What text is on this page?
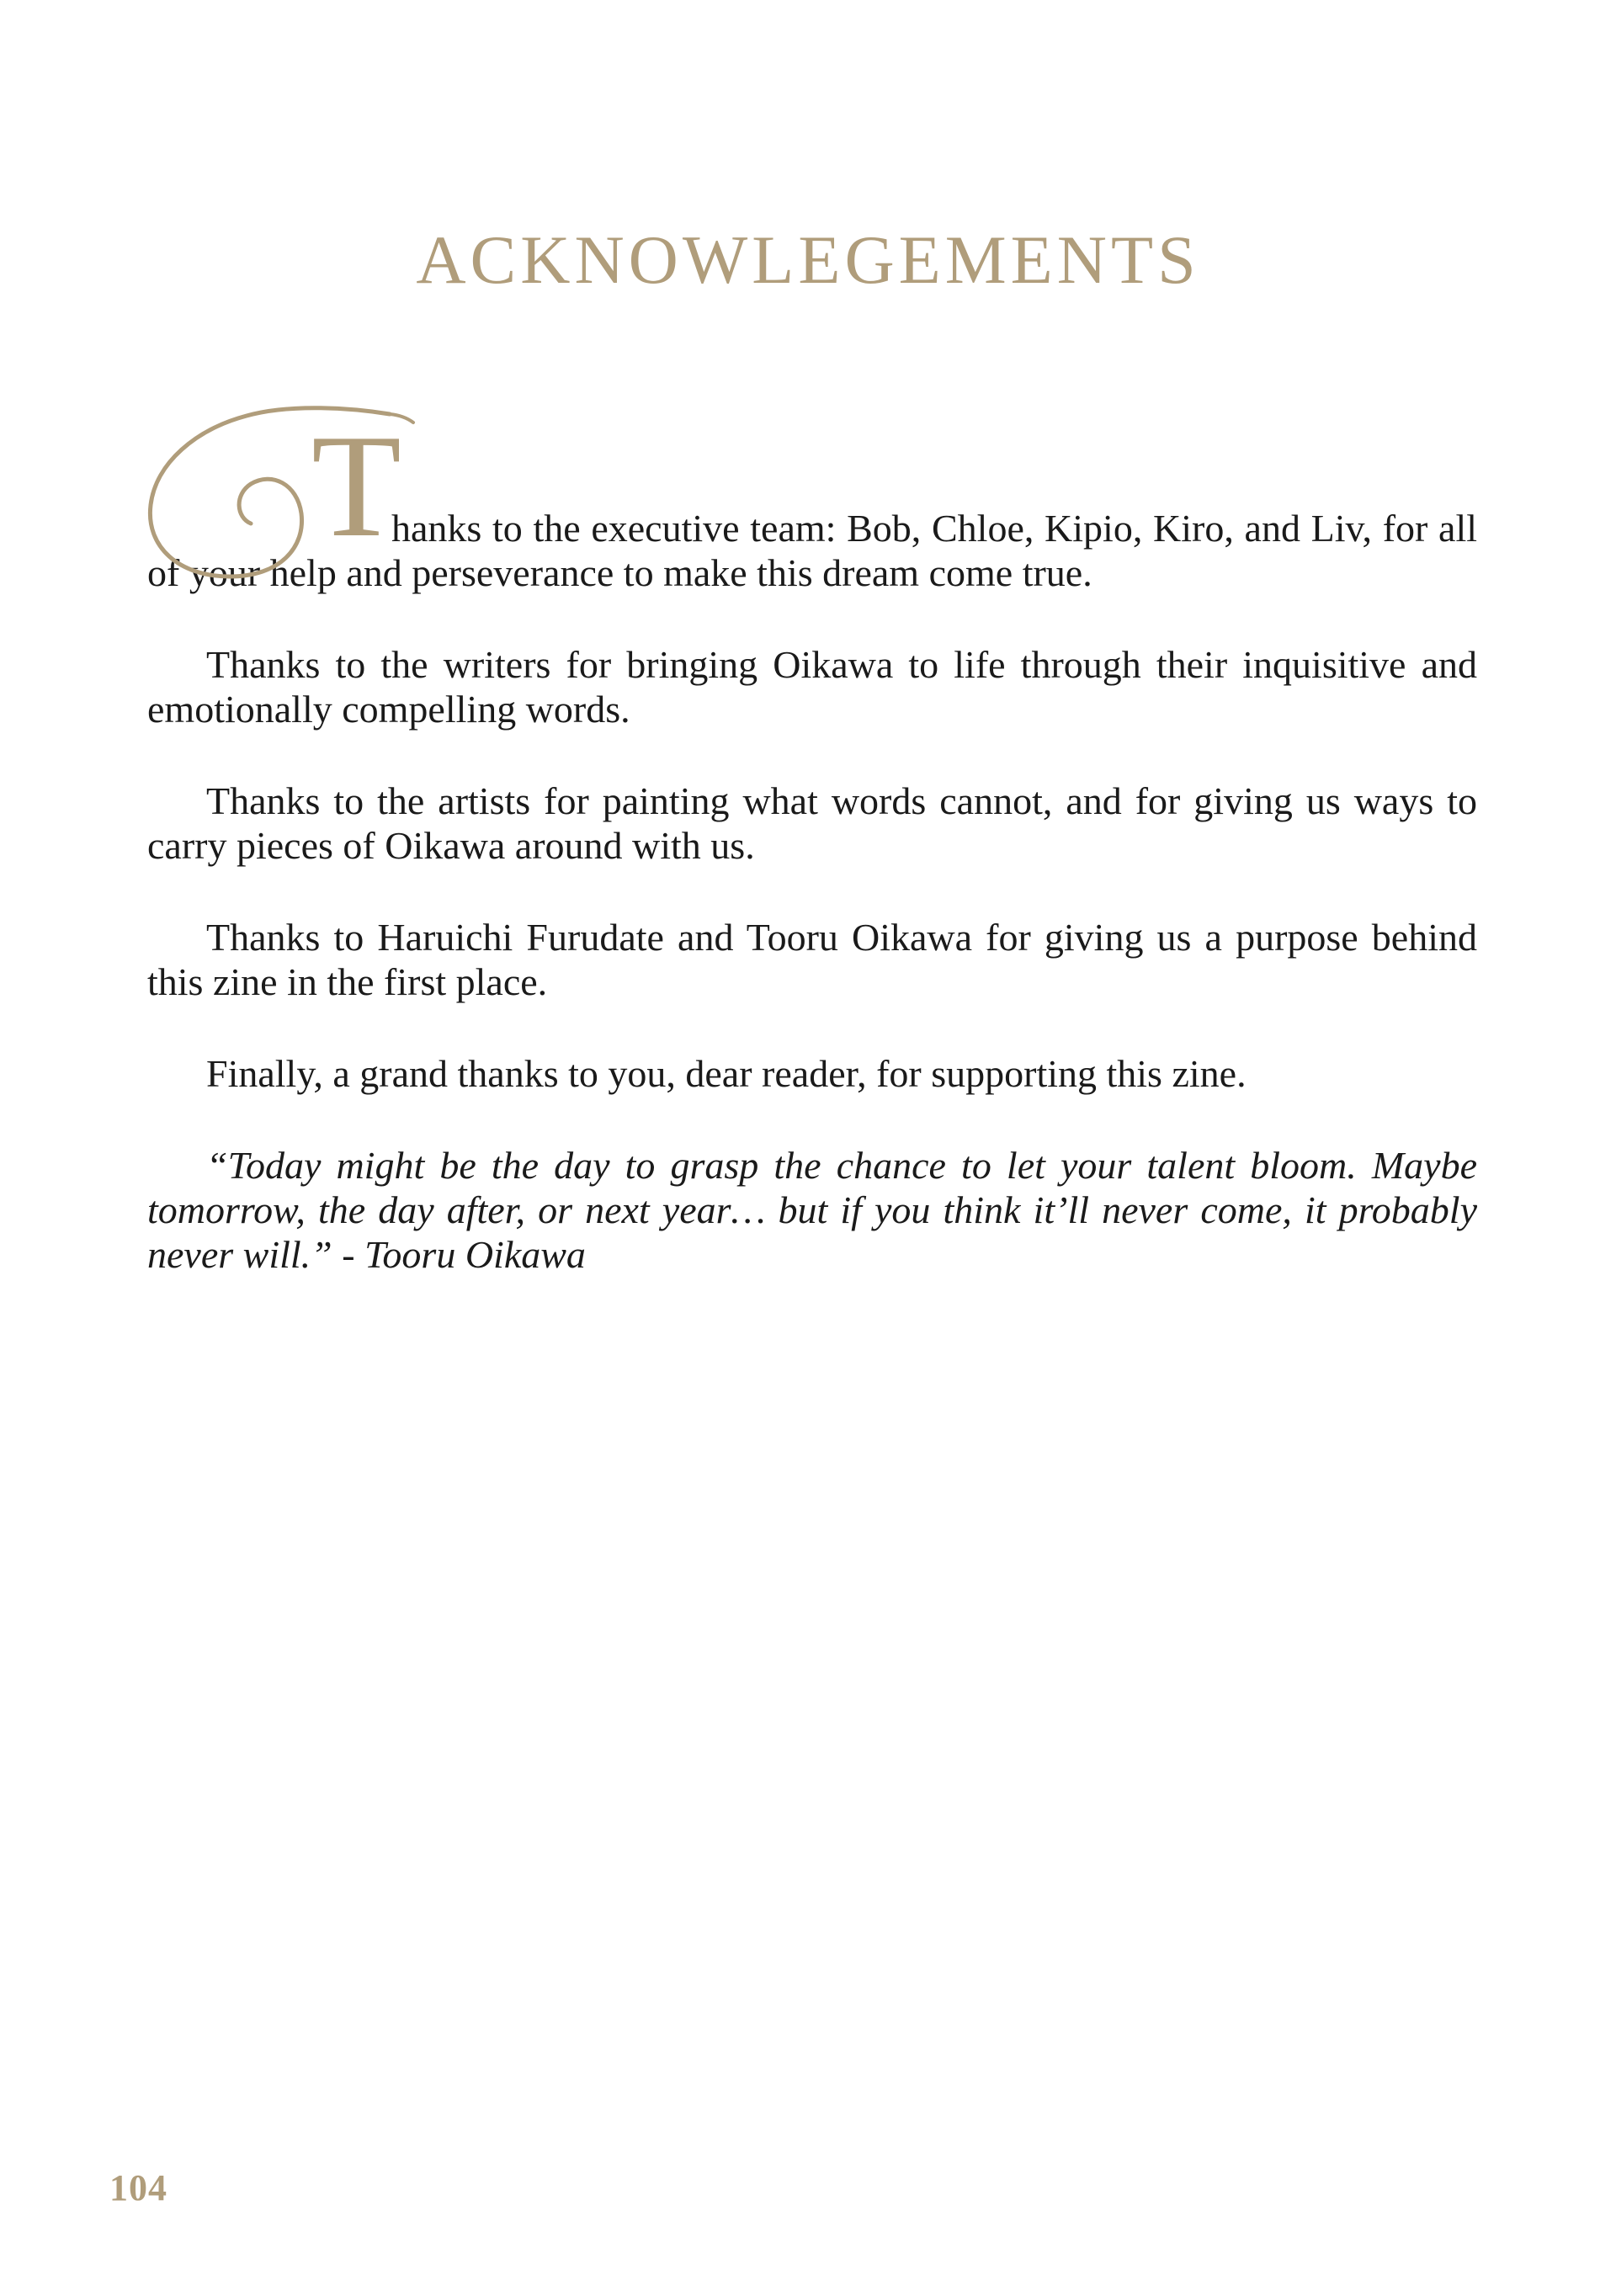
ACKNOWLEGEMENTS

T
hanks to the executive team: Bob, Chloe, Kipio, Kiro, and Liv, for all of your help and perseverance to make this dream come true.

Thanks to the writers for bringing Oikawa to life through their inquisitive and emotionally compelling words.

Thanks to the artists for painting what words cannot, and for giving us ways to carry pieces of Oikawa around with us.

Thanks to Haruichi Furudate and Tooru Oikawa for giving us a purpose behind this zine in the first place.

Finally, a grand thanks to you, dear reader, for supporting this zine.

“Today might be the day to grasp the chance to let your talent bloom. Maybe tomorrow, the day after, or next year… but if you think it’ll never come, it probably never will.” - Tooru Oikawa

104
